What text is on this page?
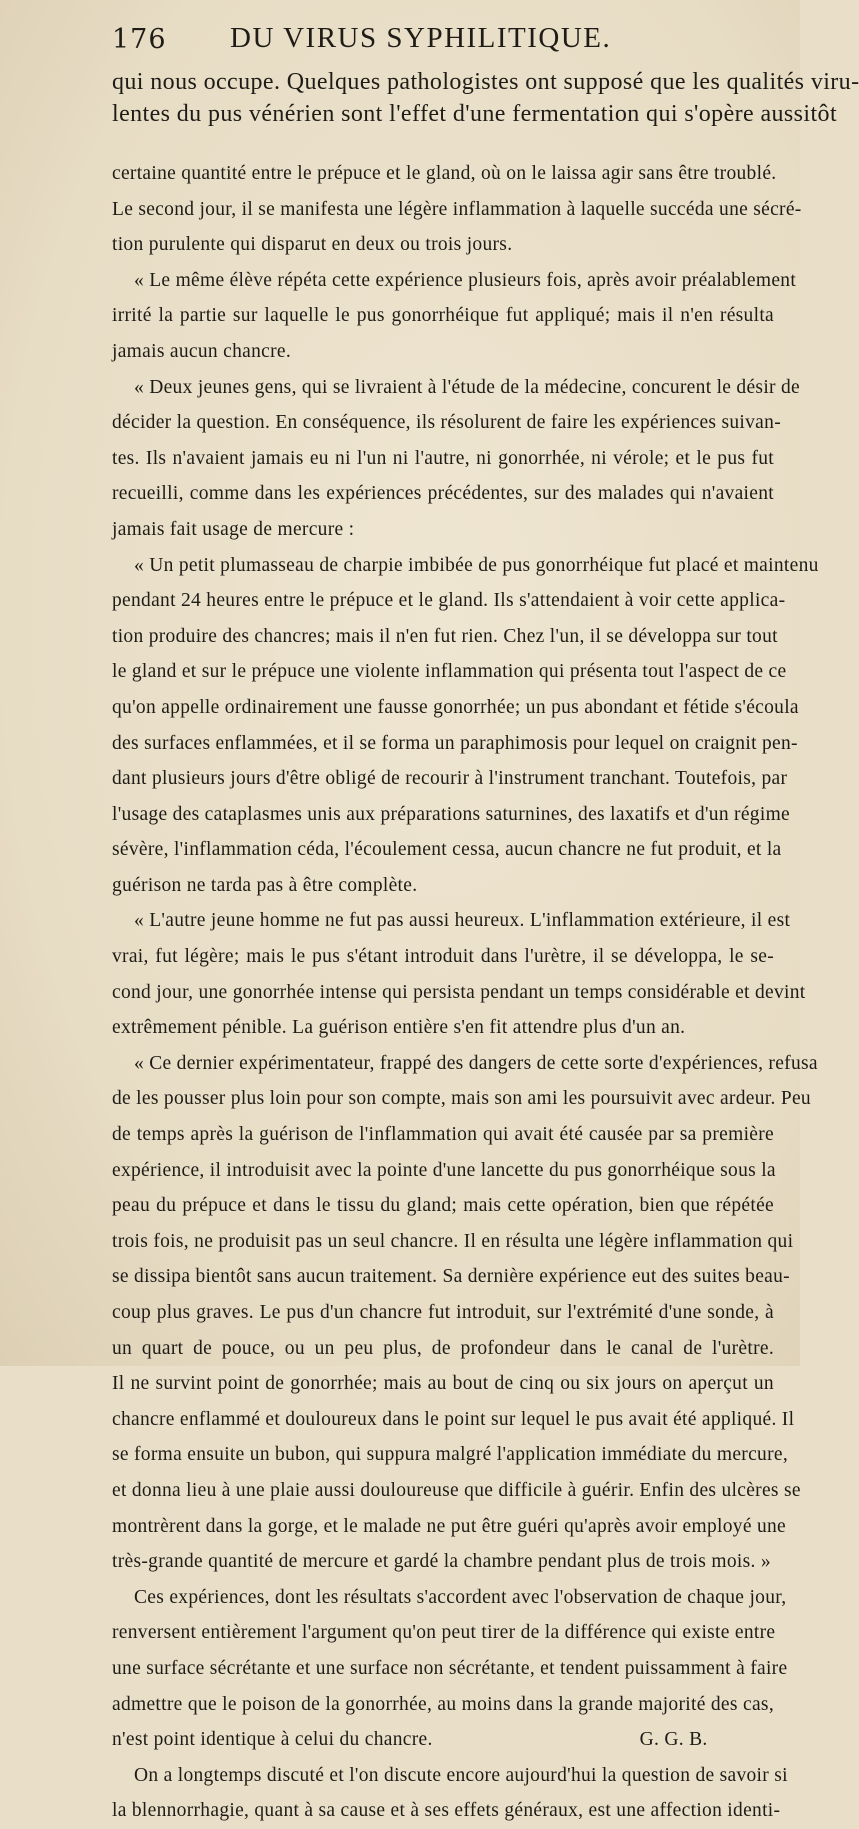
176 DU VIRUS SYPHILITIQUE.

qui nous occupe. Quelques pathologistes ont supposé que les qualités viru-

lentes du pus vénérien sont l'effet d'une fermentation qui s'opère aussitôt

certaine quantité entre le prépuce et le gland, où on le laissa agir sans être troublé.

Le second jour, il se manifesta une légère inflammation à laquelle succéda une sécré-

tion purulente qui disparut en deux ou trois jours.

« Le même élève répéta cette expérience plusieurs fois, après avoir préalablement

irrité la partie sur laquelle le pus gonorrhéique fut appliqué; mais il n'en résulta

jamais aucun chancre.

« Deux jeunes gens, qui se livraient à l'étude de la médecine, concurent le désir de

décider la question. En conséquence, ils résolurent de faire les expériences suivan-

tes. Ils n'avaient jamais eu ni l'un ni l'autre, ni gonorrhée, ni vérole; et le pus fut

recueilli, comme dans les expériences précédentes, sur des malades qui n'avaient

jamais fait usage de mercure :

« Un petit plumasseau de charpie imbibée de pus gonorrhéique fut placé et maintenu

pendant 24 heures entre le prépuce et le gland. Ils s'attendaient à voir cette applica-

tion produire des chancres; mais il n'en fut rien. Chez l'un, il se développa sur tout

le gland et sur le prépuce une violente inflammation qui présenta tout l'aspect de ce

qu'on appelle ordinairement une fausse gonorrhée; un pus abondant et fétide s'écoula

des surfaces enflammées, et il se forma un paraphimosis pour lequel on craignit pen-

dant plusieurs jours d'être obligé de recourir à l'instrument tranchant. Toutefois, par

l'usage des cataplasmes unis aux préparations saturnines, des laxatifs et d'un régime

sévère, l'inflammation céda, l'écoulement cessa, aucun chancre ne fut produit, et la

guérison ne tarda pas à être complète.

« L'autre jeune homme ne fut pas aussi heureux. L'inflammation extérieure, il est

vrai, fut légère; mais le pus s'étant introduit dans l'urètre, il se développa, le se-

cond jour, une gonorrhée intense qui persista pendant un temps considérable et devint

extrêmement pénible. La guérison entière s'en fit attendre plus d'un an.

« Ce dernier expérimentateur, frappé des dangers de cette sorte d'expériences, refusa

de les pousser plus loin pour son compte, mais son ami les poursuivit avec ardeur. Peu

de temps après la guérison de l'inflammation qui avait été causée par sa première

expérience, il introduisit avec la pointe d'une lancette du pus gonorrhéique sous la

peau du prépuce et dans le tissu du gland; mais cette opération, bien que répétée

trois fois, ne produisit pas un seul chancre. Il en résulta une légère inflammation qui

se dissipa bientôt sans aucun traitement. Sa dernière expérience eut des suites beau-

coup plus graves. Le pus d'un chancre fut introduit, sur l'extrémité d'une sonde, à

un quart de pouce, ou un peu plus, de profondeur dans le canal de l'urètre.

Il ne survint point de gonorrhée; mais au bout de cinq ou six jours on aperçut un

chancre enflammé et douloureux dans le point sur lequel le pus avait été appliqué. Il

se forma ensuite un bubon, qui suppura malgré l'application immédiate du mercure,

et donna lieu à une plaie aussi douloureuse que difficile à guérir. Enfin des ulcères se

montrèrent dans la gorge, et le malade ne put être guéri qu'après avoir employé une

très-grande quantité de mercure et gardé la chambre pendant plus de trois mois. »

Ces expériences, dont les résultats s'accordent avec l'observation de chaque jour,

renversent entièrement l'argument qu'on peut tirer de la différence qui existe entre

une surface sécrétante et une surface non sécrétante, et tendent puissamment à faire

admettre que le poison de la gonorrhée, au moins dans la grande majorité des cas,

n'est point identique à celui du chancre.                                        G. G. B.

On a longtemps discuté et l'on discute encore aujourd'hui la question de savoir si

la blennorrhagie, quant à sa cause et à ses effets généraux, est une affection identi-
